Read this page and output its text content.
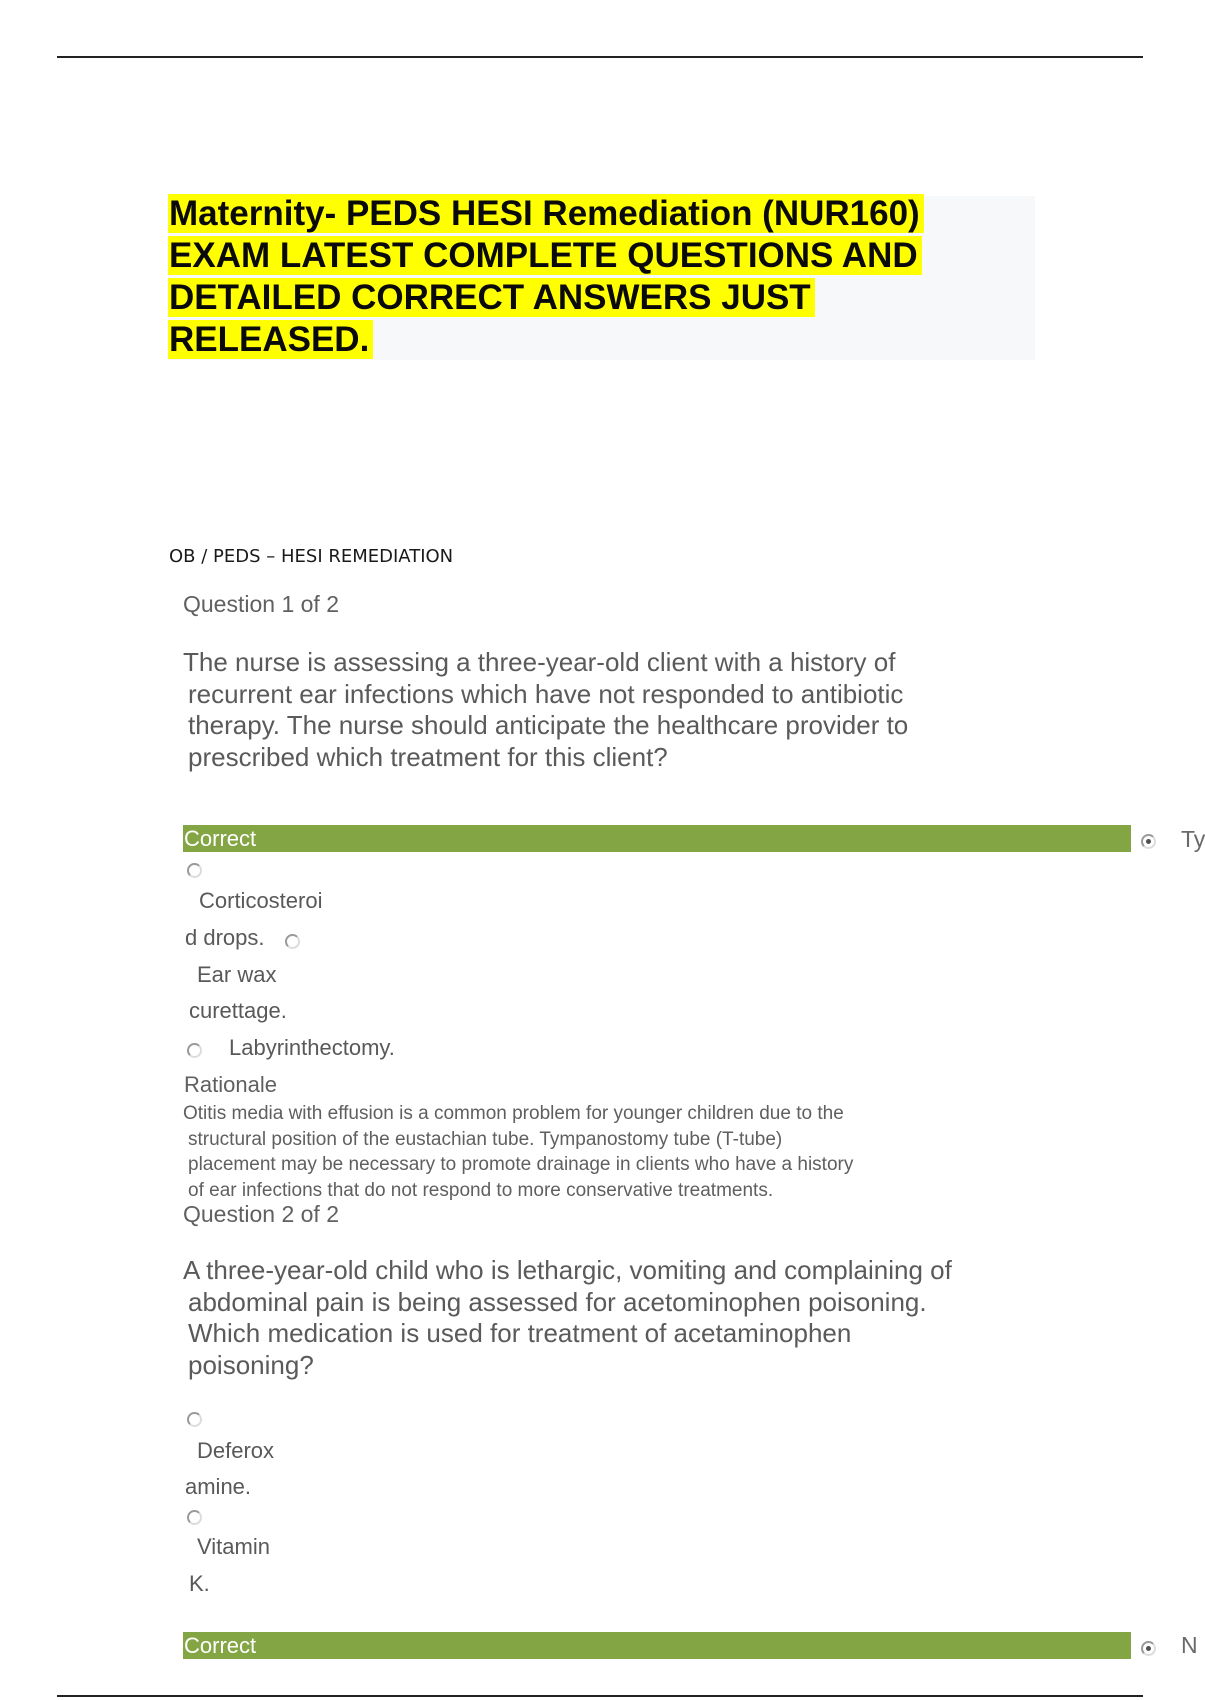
Maternity- PEDS HESI Remediation (NUR160)
EXAM LATEST COMPLETE QUESTIONS AND
DETAILED CORRECT ANSWERS JUST
RELEASED.
OB / PEDS – HESI REMEDIATION
Question 1 of 2
The nurse is assessing a three-year-old client with a history of
recurrent ear infections which have not responded to antibiotic
therapy. The nurse should anticipate the healthcare provider to
prescribed which treatment for this client?
Correct	Ty
Corticosteroi
d drops.
Ear wax
curettage.
Labyrinthectomy.
Rationale
Otitis media with effusion is a common problem for younger children due to the
structural position of the eustachian tube. Tympanostomy tube (T-tube)
placement may be necessary to promote drainage in clients who have a history
of ear infections that do not respond to more conservative treatments.
Question 2 of 2
A three-year-old child who is lethargic, vomiting and complaining of
abdominal pain is being assessed for acetominophen poisoning.
Which medication is used for treatment of acetaminophen
poisoning?
Deferox
amine.
Vitamin
K.
Correct	N
